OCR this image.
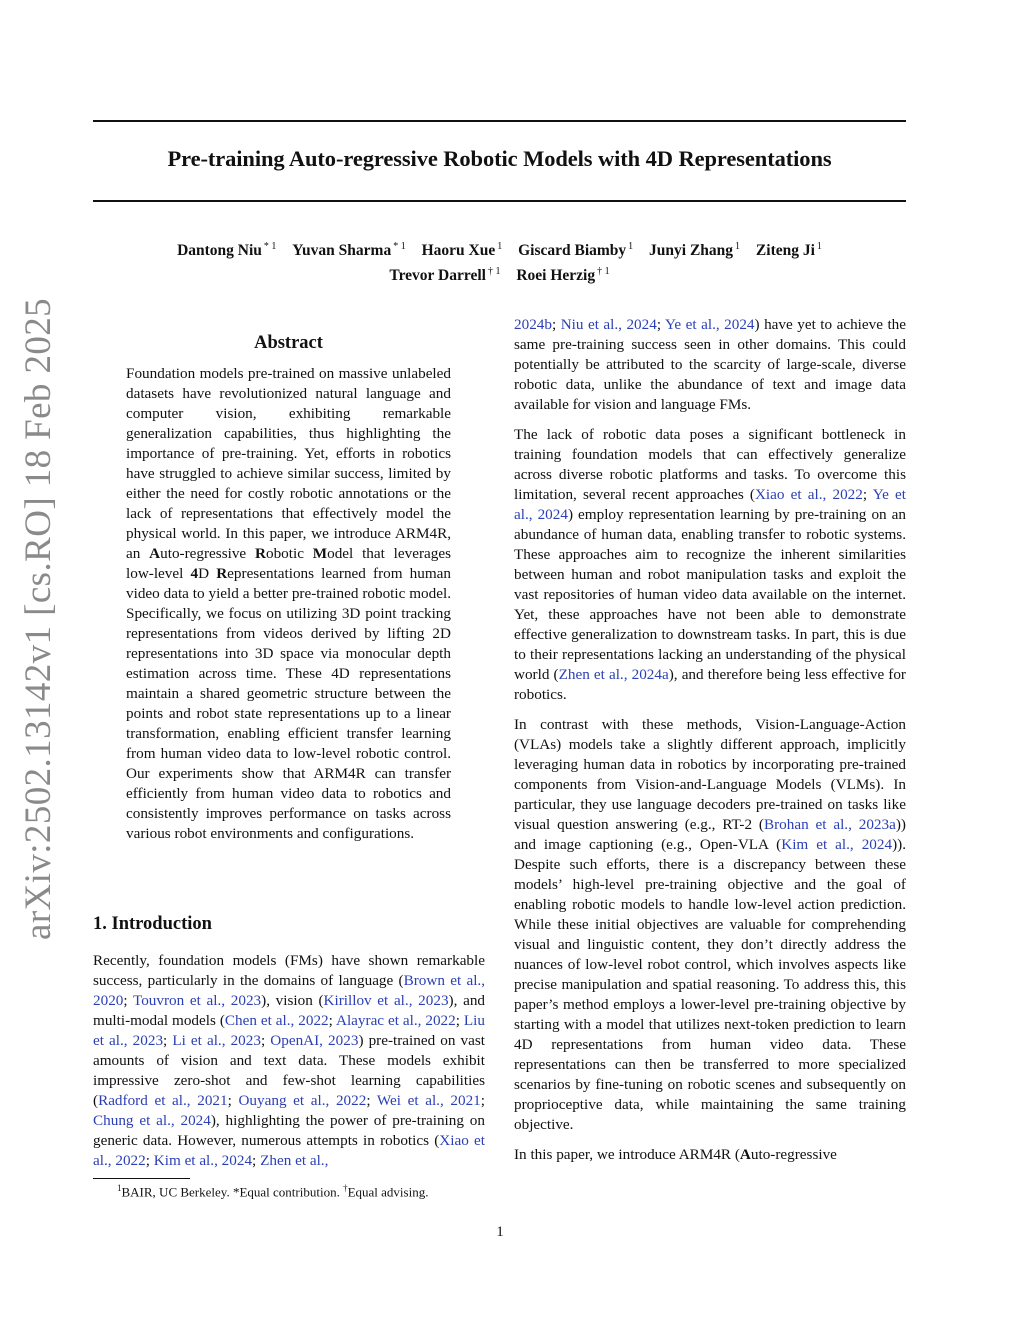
arXiv:2502.13142v1 [cs.RO] 18 Feb 2025
Pre-training Auto-regressive Robotic Models with 4D Representations
Dantong Niu $^{* 1}$ Yuvan Sharma $^{* 1}$ Haoru Xue $^1$ Giscard Biamby $^1$ Junyi Zhang $^1$ Ziteng Ji $^1$
Trevor Darrell $^{\dagger 1}$ Roei Herzig $^{\dagger 1}$
Abstract
Foundation models pre-trained on massive unlabeled datasets have revolutionized natural language and computer vision, exhibiting remarkable generalization capabilities, thus highlighting the importance of pre-training. Yet, efforts in robotics have struggled to achieve similar success, limited by either the need for costly robotic annotations or the lack of representations that effectively model the physical world. In this paper, we introduce ARM4R, an Auto-regressive Robotic Model that leverages low-level 4D Representations learned from human video data to yield a better pre-trained robotic model. Specifically, we focus on utilizing 3D point tracking representations from videos derived by lifting 2D representations into 3D space via monocular depth estimation across time. These 4D representations maintain a shared geometric structure between the points and robot state representations up to a linear transformation, enabling efficient transfer learning from human video data to low-level robotic control. Our experiments show that ARM4R can transfer efficiently from human video data to robotics and consistently improves performance on tasks across various robot environments and configurations.
1. Introduction

Recently, foundation models (FMs) have shown remarkable success, particularly in the domains of language (Brown et al., 2020; Touvron et al., 2023), vision (Kirillov et al., 2023), and multi-modal models (Chen et al., 2022; Alayrac et al., 2022; Liu et al., 2023; Li et al., 2023; OpenAI, 2023) pre-trained on vast amounts of vision and text data. These models exhibit impressive zero-shot and few-shot learning capabilities (Radford et al., 2021; Ouyang et al., 2022; Wei et al., 2021; Chung et al., 2024), highlighting the power of pre-training on generic data. However, numerous attempts in robotics (Xiao et al., 2022; Kim et al., 2024; Zhen et al.,

2024b; Niu et al., 2024; Ye et al., 2024) have yet to achieve the same pre-training success seen in other domains. This could potentially be attributed to the scarcity of large-scale, diverse robotic data, unlike the abundance of text and image data available for vision and language FMs.

The lack of robotic data poses a significant bottleneck in training foundation models that can effectively generalize across diverse robotic platforms and tasks. To overcome this limitation, several recent approaches (Xiao et al., 2022; Ye et al., 2024) employ representation learning by pre-training on an abundance of human data, enabling transfer to robotic systems. These approaches aim to recognize the inherent similarities between human and robot manipulation tasks and exploit the vast repositories of human video data available on the internet. Yet, these approaches have not been able to demonstrate effective generalization to downstream tasks. In part, this is due to their representations lacking an understanding of the physical world (Zhen et al., 2024a), and therefore being less effective for robotics.

In contrast with these methods, Vision-Language-Action (VLAs) models take a slightly different approach, implicitly leveraging human data in robotics by incorporating pre-trained components from Vision-and-Language Models (VLMs). In particular, they use language decoders pre-trained on tasks like visual question answering (e.g., RT-2 (Brohan et al., 2023a)) and image captioning (e.g., Open-VLA (Kim et al., 2024)). Despite such efforts, there is a discrepancy between these models’ high-level pre-training objective and the goal of enabling robotic models to handle low-level action prediction. While these initial objectives are valuable for comprehending visual and linguistic content, they don’t directly address the nuances of low-level robot control, which involves aspects like precise manipulation and spatial reasoning. To address this, this paper’s method employs a lower-level pre-training objective by starting with a model that utilizes next-token prediction to learn 4D representations from human video data. These representations can then be transferred to more specialized scenarios by fine-tuning on robotic scenes and subsequently on proprioceptive data, while maintaining the same training objective.

In this paper, we introduce ARM4R (Auto-regressive

$^1$BAIR, UC Berkeley. *Equal contribution. †Equal advising.
1
